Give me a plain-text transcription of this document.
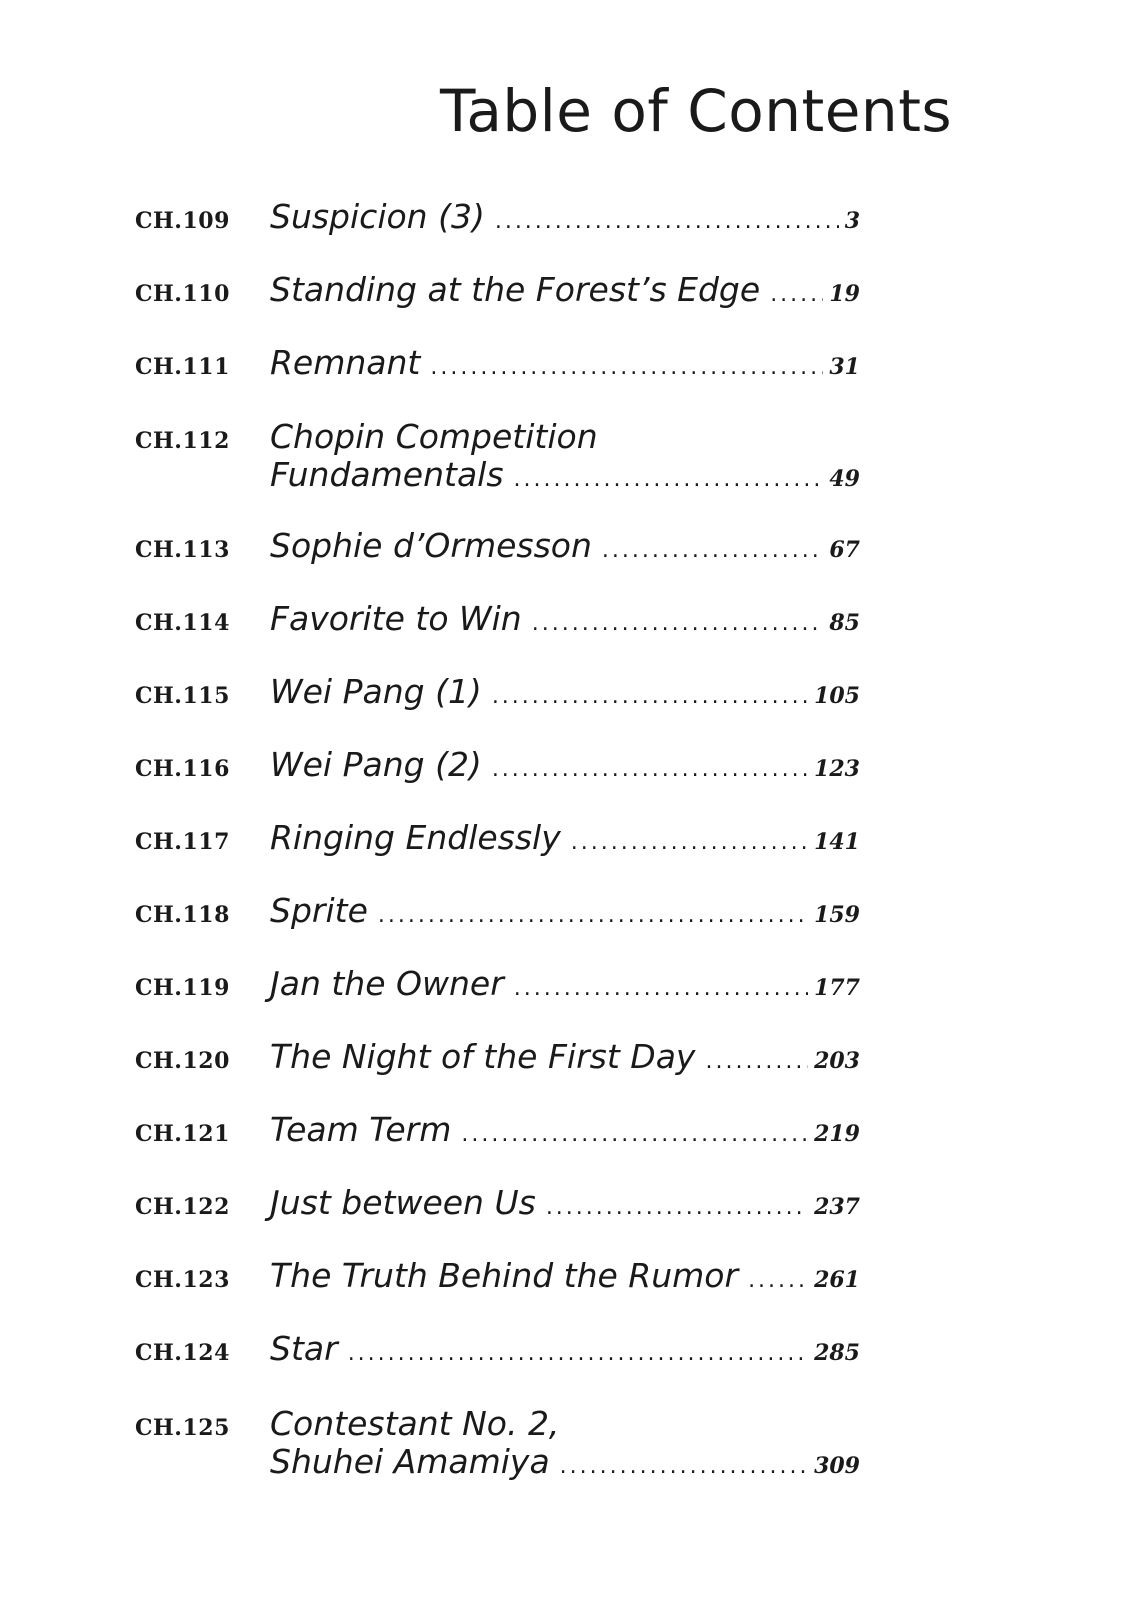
Table of Contents
CH.109 Suspicion (3) .....	3
CH.110 Standing at the Forest’s Edge .....	19
CH.111 Remnant .....	31
CH.112 Chopin Competition
Fundamentals .....	49
CH.113 Sophie d’Ormesson .....	67
CH.114 Favorite to Win .....	85
CH.115 Wei Pang (1) .....	105
CH.116 Wei Pang (2) .....	123
CH.117 Ringing Endlessly .....	141
CH.118 Sprite .....	159
CH.119 Jan the Owner .....	177
CH.120 The Night of the First Day .....	203
CH.121 Team Term .....	219
CH.122 Just between Us .....	237
CH.123 The Truth Behind the Rumor .....	261
CH.124 Star .....	285
CH.125 Contestant No. 2,
Shuhei Amamiya .....	309
